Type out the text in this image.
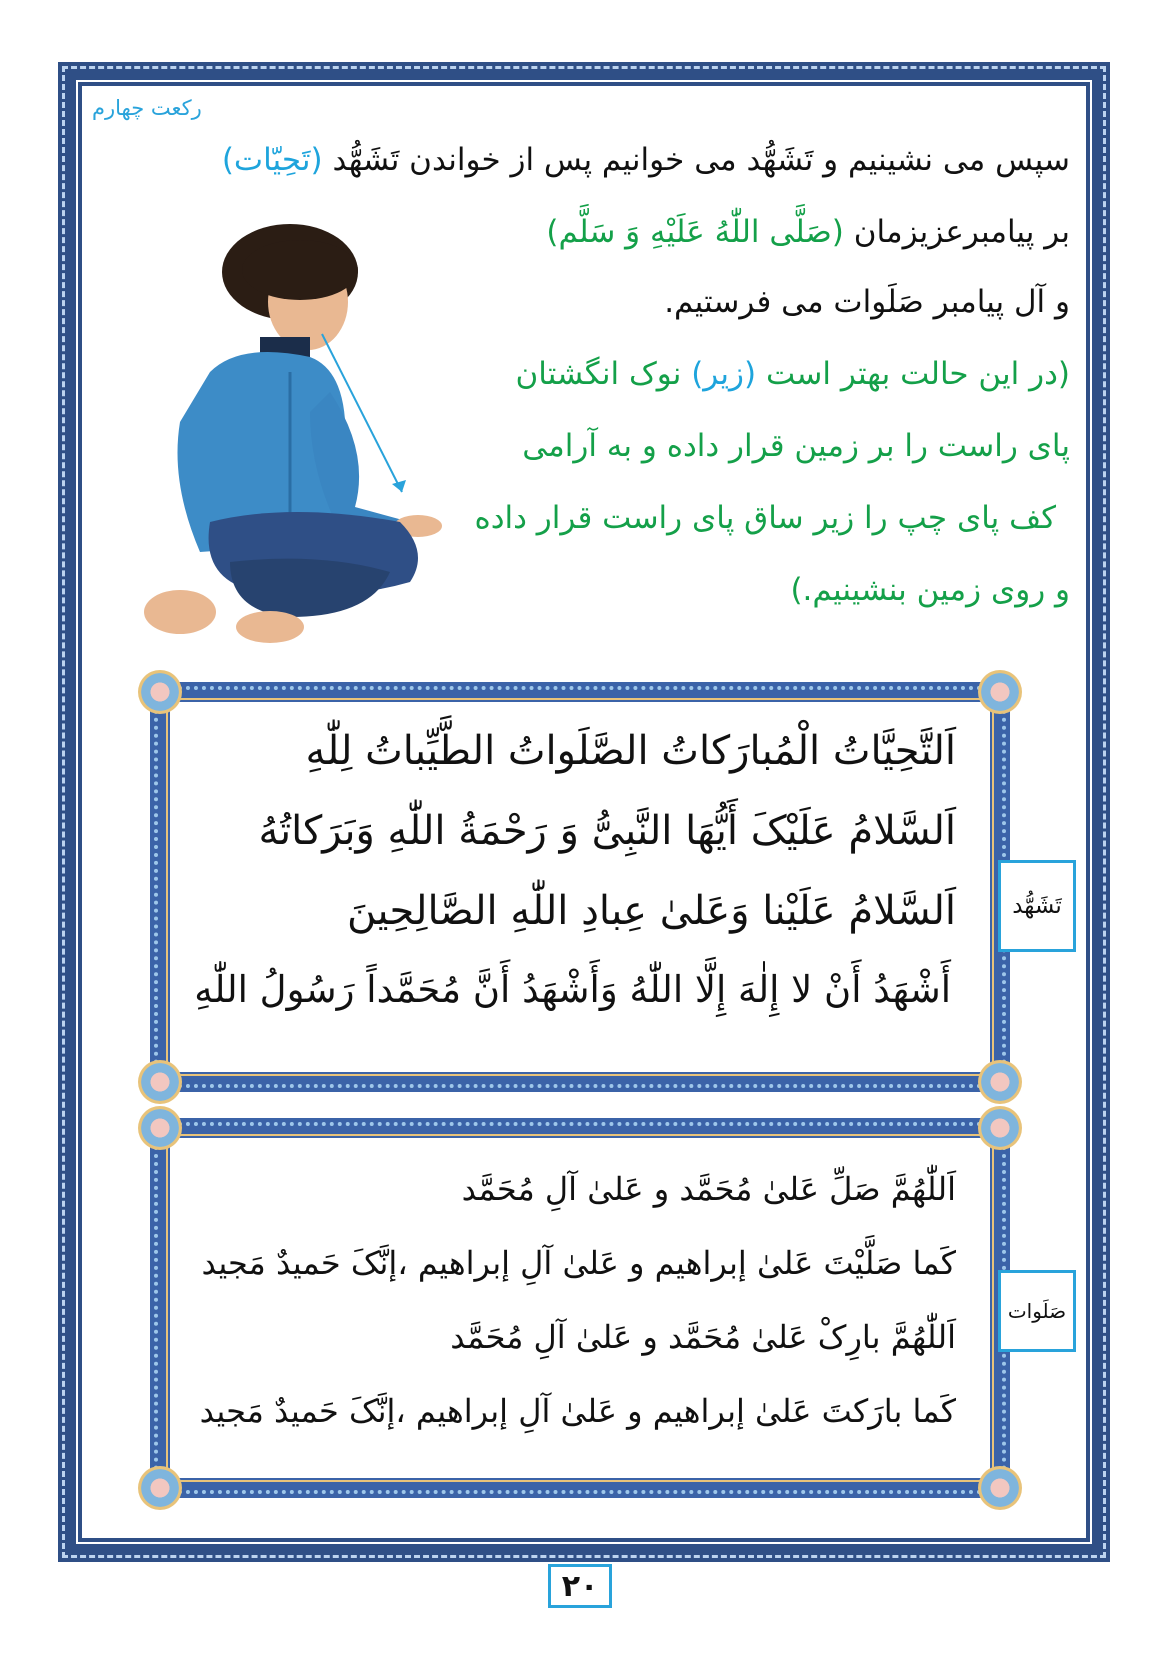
رکعت چهارم
سپس می نشینیم و تَشَهُّد می خوانیم پس از خواندن تَشَهُّد (تَحِیّات)
بر پیامبرعزیزمان (صَلَّی اللّٰهُ عَلَیْهِ وَ سَلَّم)
و آل پیامبر صَلَوات می فرستیم.
(در این حالت بهتر است (زیر) نوک انگشتان
پای راست را بر زمین قرار داده و به آرامی
کف پای چپ را زیر ساق پای راست قرار داده
و روی زمین بنشینیم.)
اَلتَّحِیَّاتُ الْمُبارَکاتُ الصَّلَواتُ الطَّیِّباتُ لِلّٰهِ
اَلسَّلامُ عَلَیْکَ أَیُّهَا النَّبِیُّ وَ رَحْمَةُ اللّٰهِ وَبَرَکاتُهُ
اَلسَّلامُ عَلَیْنا وَعَلیٰ عِبادِ اللّٰهِ الصَّالِحِینَ
أَشْهَدُ أَنْ لا إِلٰهَ إِلَّا اللّٰهُ وَأَشْهَدُ أَنَّ مُحَمَّداً رَسُولُ اللّٰهِ
تَشَهُّد
اَللّٰهُمَّ صَلِّ عَلیٰ مُحَمَّد و عَلیٰ آلِ مُحَمَّد
کَما صَلَّیْتَ عَلیٰ إبراهیم و عَلیٰ آلِ إبراهیم ،إنَّکَ حَمیدٌ مَجید
اَللّٰهُمَّ بارِکْ عَلیٰ مُحَمَّد و عَلیٰ آلِ مُحَمَّد
کَما بارَکتَ عَلیٰ إبراهیم و عَلیٰ آلِ إبراهیم ،إنَّکَ حَمیدٌ مَجید
صَلَوات
۲۰
